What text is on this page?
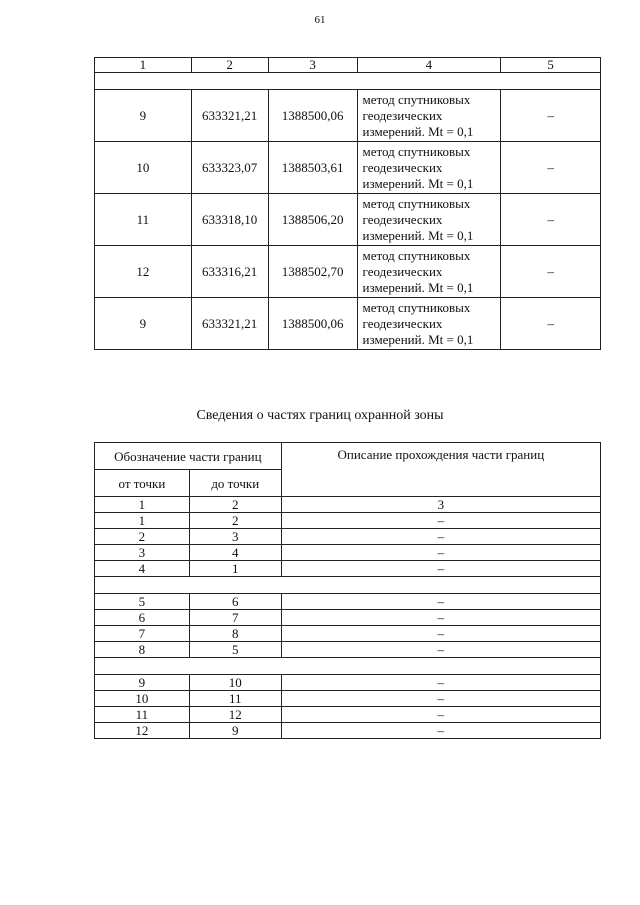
61
1	2	3	4	5

9	633321,21	1388500,06	метод спутниковых
геодезических
измерений. Mt = 0,1	–
10	633323,07	1388503,61	метод спутниковых
геодезических
измерений. Mt = 0,1	–
11	633318,10	1388506,20	метод спутниковых
геодезических
измерений. Mt = 0,1	–
12	633316,21	1388502,70	метод спутниковых
геодезических
измерений. Mt = 0,1	–
9	633321,21	1388500,06	метод спутниковых
геодезических
измерений. Mt = 0,1	–
Сведения о частях границ охранной зоны
Обозначение части границ		Описание прохождения части границ
от точки	до точки	
1	2	3
1	2	–
2	3	–
3	4	–
4	1	–

5	6	–
6	7	–
7	8	–
8	5	–

9	10	–
10	11	–
11	12	–
12	9	–
